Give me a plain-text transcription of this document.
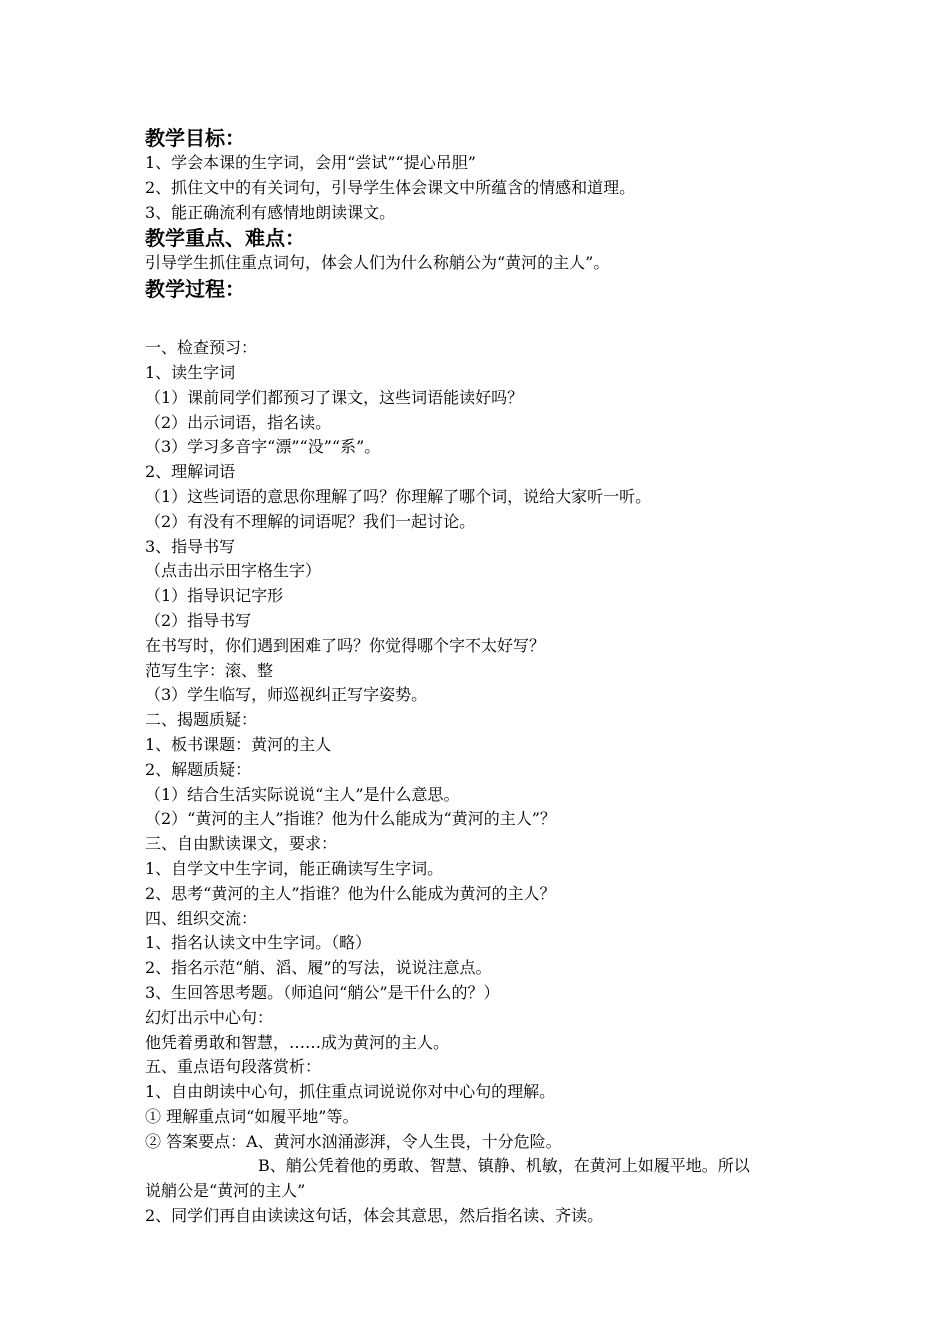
教学目标：
1、学会本课的生字词，会用“尝试”“提心吊胆”
2、抓住文中的有关词句，引导学生体会课文中所蕴含的情感和道理。
3、能正确流利有感情地朗读课文。
教学重点、难点：
引导学生抓住重点词句，体会人们为什么称艄公为“黄河的主人”。
教学过程：
一、检查预习：
1、读生字词
（1）课前同学们都预习了课文，这些词语能读好吗？
（2）出示词语，指名读。
（3）学习多音字“漂”“没”“系”。
2、理解词语
（1）这些词语的意思你理解了吗？你理解了哪个词，说给大家听一听。
（2）有没有不理解的词语呢？我们一起讨论。
3、指导书写
（点击出示田字格生字）
（1）指导识记字形
（2）指导书写
在书写时，你们遇到困难了吗？你觉得哪个字不太好写？
范写生字：滚、整
（3）学生临写，师巡视纠正写字姿势。
二、揭题质疑：
1、板书课题：黄河的主人
2、解题质疑：
（1）结合生活实际说说“主人”是什么意思。
（2）“黄河的主人”指谁？他为什么能成为“黄河的主人”？
三、自由默读课文，要求：
1、自学文中生字词，能正确读写生字词。
2、思考“黄河的主人”指谁？他为什么能成为黄河的主人？
四、组织交流：
1、指名认读文中生字词。（略）
2、指名示范“艄、滔、履”的写法，说说注意点。
3、生回答思考题。（师追问“艄公”是干什么的？）
幻灯出示中心句：
他凭着勇敢和智慧，……成为黄河的主人。
五、重点语句段落赏析：
1、自由朗读中心句，抓住重点词说说你对中心句的理解。
① 理解重点词“如履平地”等。
② 答案要点：A、黄河水汹涌澎湃，令人生畏，十分危险。
B、艄公凭着他的勇敢、智慧、镇静、机敏，在黄河上如履平地。所以
说艄公是“黄河的主人”
2、同学们再自由读读这句话，体会其意思，然后指名读、齐读。
